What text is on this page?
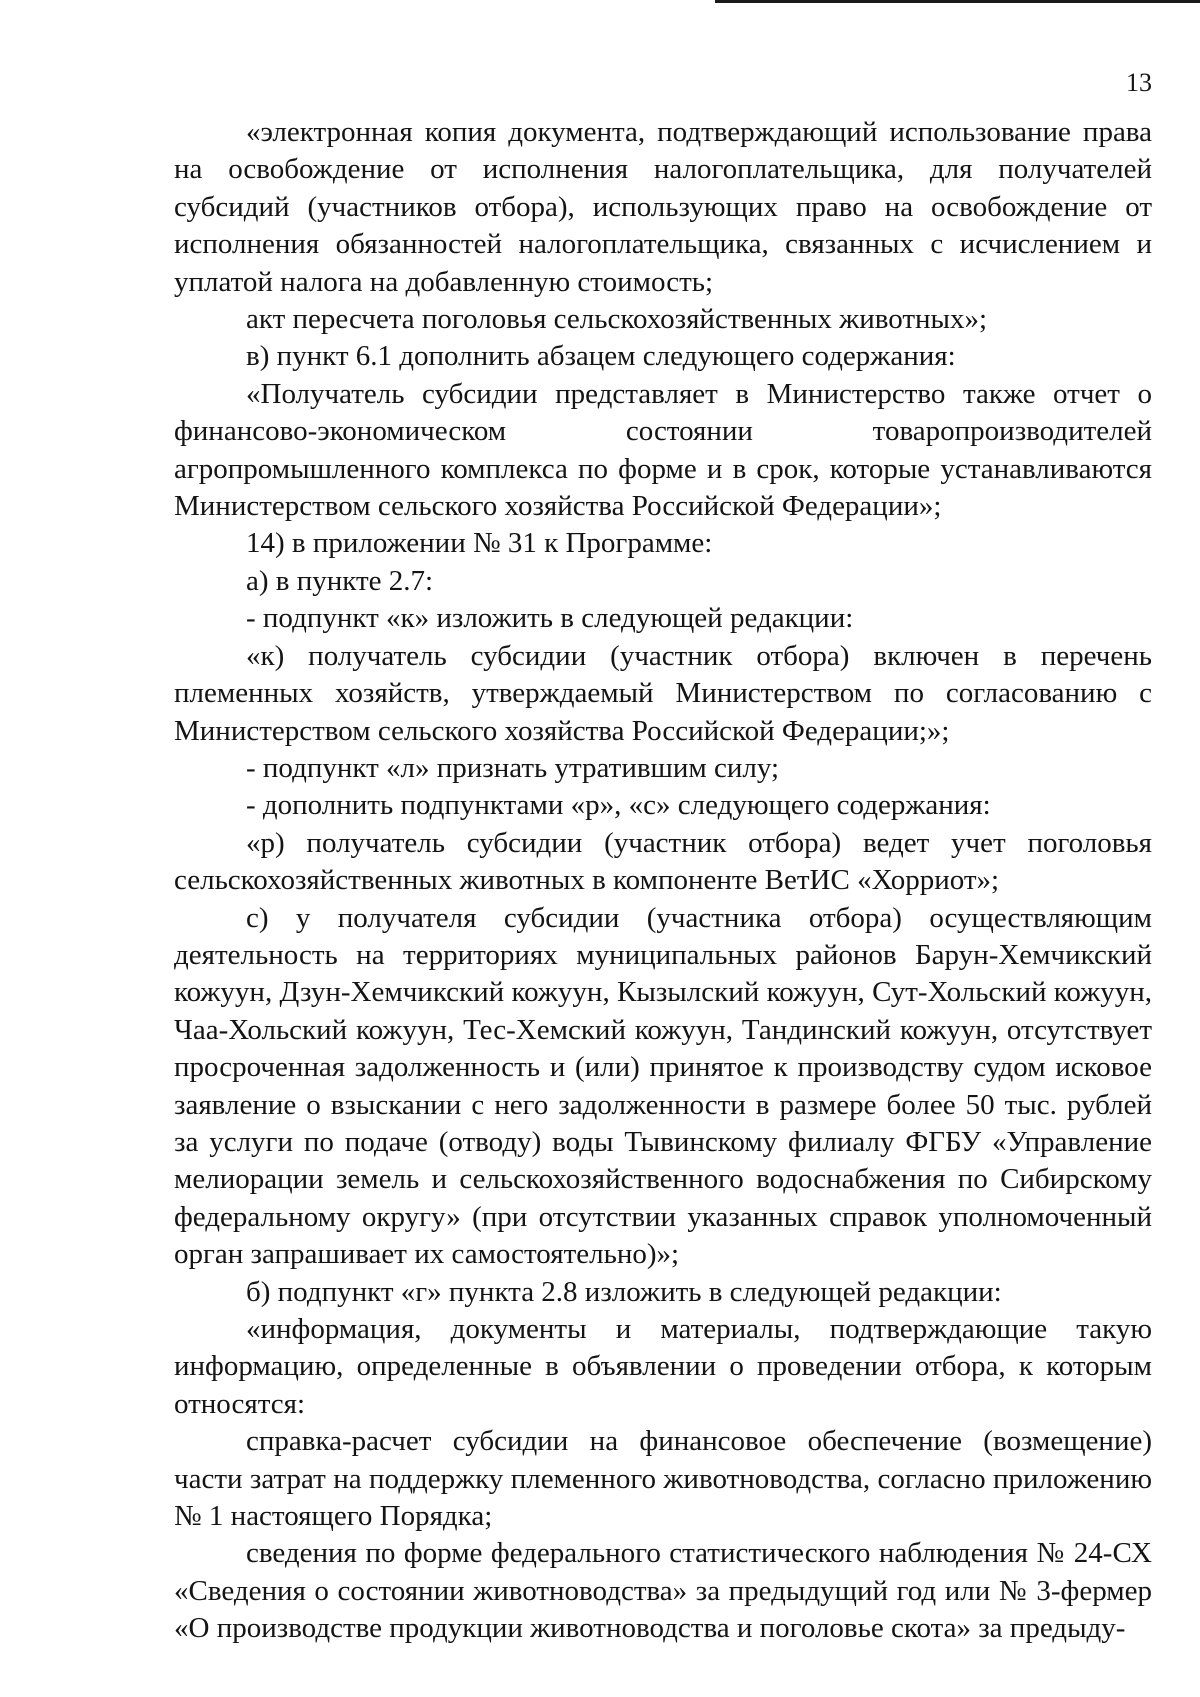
13

«электронная копия документа, подтверждающий использование права на освобождение от исполнения налогоплательщика, для получателей субсидий (участников отбора), использующих право на освобождение от исполнения обязанностей налогоплательщика, связанных с исчислением и уплатой налога на добавленную стоимость;

акт пересчета поголовья сельскохозяйственных животных»;

в) пункт 6.1 дополнить абзацем следующего содержания:

«Получатель субсидии представляет в Министерство также отчет о финансово-экономическом состоянии товаропроизводителей агропромышленного комплекса по форме и в срок, которые устанавливаются Министерством сельского хозяйства Российской Федерации»;

14) в приложении № 31 к Программе:

а) в пункте 2.7:

- подпункт «к» изложить в следующей редакции:

«к) получатель субсидии (участник отбора) включен в перечень племенных хозяйств, утверждаемый Министерством по согласованию с Министерством сельского хозяйства Российской Федерации;»;

- подпункт «л» признать утратившим силу;

- дополнить подпунктами «р», «с» следующего содержания:

«р) получатель субсидии (участник отбора) ведет учет поголовья сельскохозяйственных животных в компоненте ВетИС «Хорриот»;

с) у получателя субсидии (участника отбора) осуществляющим деятельность на территориях муниципальных районов Барун-Хемчикский кожуун, Дзун-Хемчикский кожуун, Кызылский кожуун, Сут-Хольский кожуун, Чаа-Хольский кожуун, Тес-Хемский кожуун, Тандинский кожуун, отсутствует просроченная задолженность и (или) принятое к производству судом исковое заявление о взыскании с него задолженности в размере более 50 тыс. рублей за услуги по подаче (отводу) воды Тывинскому филиалу ФГБУ «Управление мелиорации земель и сельскохозяйственного водоснабжения по Сибирскому федеральному округу» (при отсутствии указанных справок уполномоченный орган запрашивает их самостоятельно)»;

б) подпункт «г» пункта 2.8 изложить в следующей редакции:

«информация, документы и материалы, подтверждающие такую информацию, определенные в объявлении о проведении отбора, к которым относятся:

справка-расчет субсидии на финансовое обеспечение (возмещение) части затрат на поддержку племенного животноводства, согласно приложению № 1 настоящего Порядка;

сведения по форме федерального статистического наблюдения № 24-СХ «Сведения о состоянии животноводства» за предыдущий год или № 3-фермер «О производстве продукции животноводства и поголовье скота» за предыду-
